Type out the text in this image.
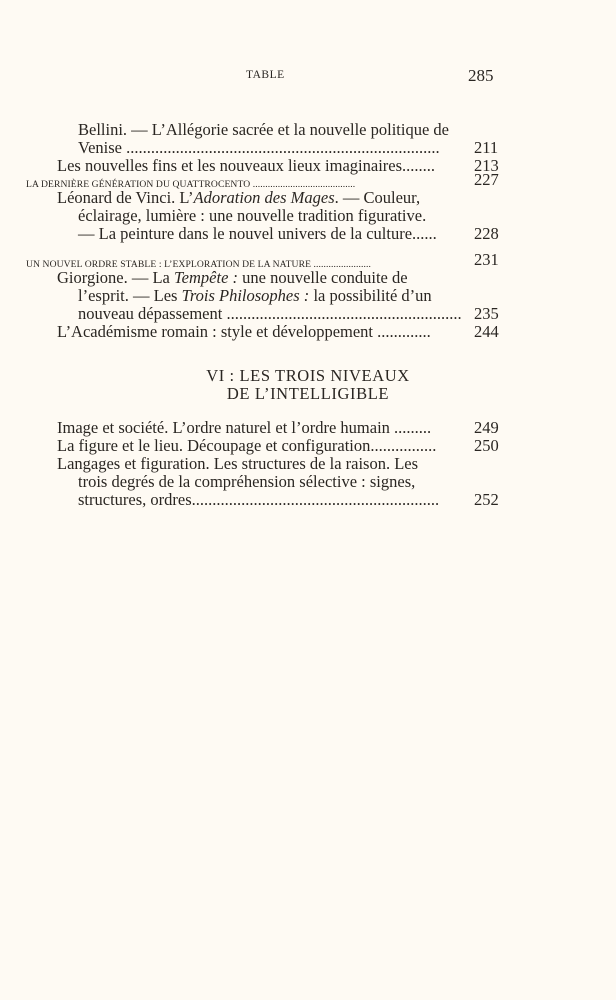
TABLE	285
Bellini. — L’Allégorie sacrée et la nouvelle politique de
Venise ............................................................................ 211
Les nouvelles fins et les nouveaux lieux imaginaires........ 213
LA DERNIÈRE GÉNÉRATION DU QUATTROCENTO .........................................	227
Léonard de Vinci. L’Adoration des Mages. — Couleur,
éclairage, lumière : une nouvelle tradition figurative.
— La peinture dans le nouvel univers de la culture...... 228
UN NOUVEL ORDRE STABLE : L’EXPLORATION DE LA NATURE .......................	231
Giorgione. — La Tempête : une nouvelle conduite de
l’esprit. — Les Trois Philosophes : la possibilité d’un
nouveau dépassement ......................................................... 235
L’Académisme romain : style et développement .............	244
VI : LES TROIS NIVEAUX
DE L’INTELLIGIBLE
Image et société. L’ordre naturel et l’ordre humain .........	249
La figure et le lieu. Découpage et configuration................ 250
Langages et figuration. Les structures de la raison. Les
trois degrés de la compréhension sélective : signes,
structures, ordres............................................................ 252
